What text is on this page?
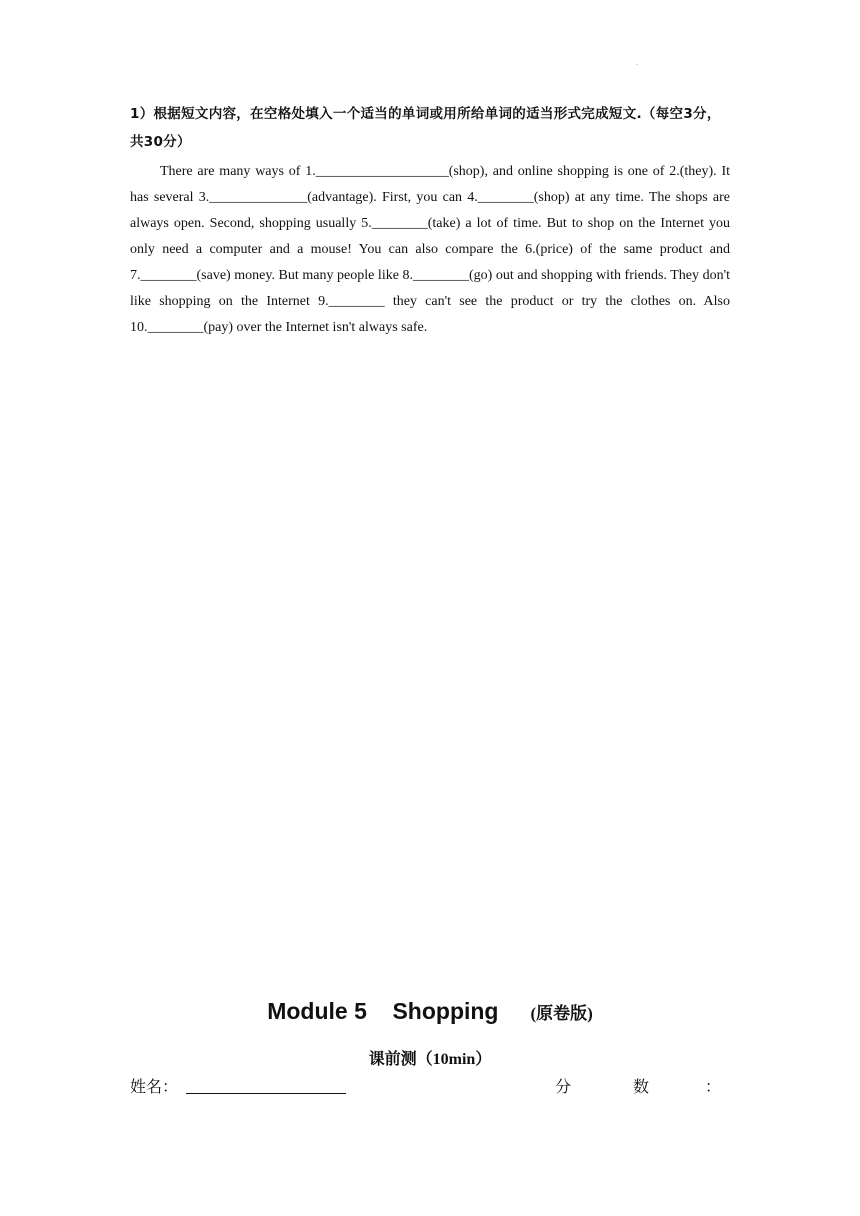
.
1）根据短文内容，在空格处填入一个适当的单词或用所给单词的适当形式完成短文.（每空3分，共30分）
There are many ways of 1.___________________(shop), and online shopping is one of 2.(they). It has several 3.______________(advantage). First, you can 4.________(shop) at any time. The shops are always open. Second, shopping usually 5.________(take) a lot of time. But to shop on the Internet you only need a computer and a mouse! You can also compare the 6.(price) of the same product and 7.________(save) money. But many people like 8.________(go) out and shopping with friends. They don't like shopping on the Internet 9.________ they can't see the product or try the clothes on. Also 10.________(pay) over the Internet isn't always safe.
Module 5    Shopping     (原卷版)
课前测（10min）
姓名：	分	数	：
